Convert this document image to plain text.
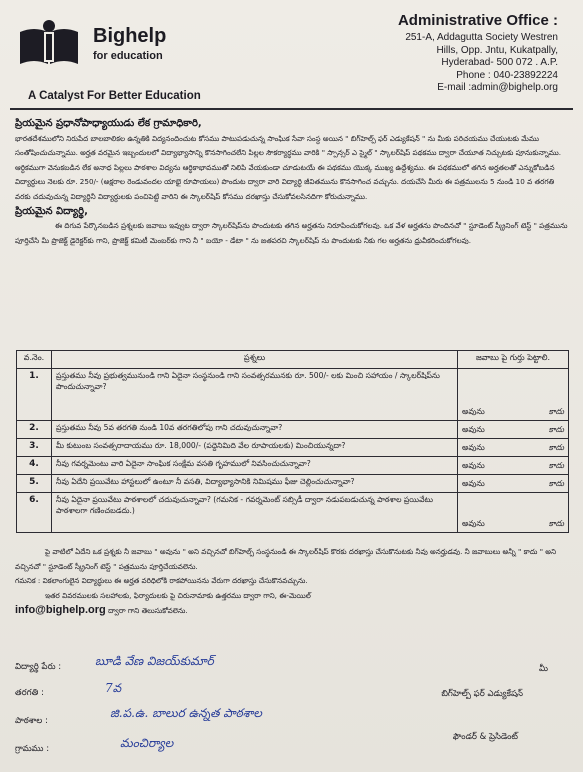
Bighelp
for education
A Catalyst For Better Education
Administrative Office :
251-A, Addagutta Society Westren
Hills, Opp. Jntu, Kukatpally,
Hyderabad- 500 072 . A.P.
Phone : 040-23892224
E-mail :admin@bighelp.org
ప్రియమైన ప్రధానోపాధ్యాయుడు లేక గ్రామాధికారి,
భారతదేశములోని నిరుపేద బాలబాలికల ఉన్నతికి విద్యనందించుట కోసము పాటుపడుచున్న సాంఘిక సేవా సంస్థ అయిన " బిగ్‌హెల్ప్ ఫర్ ఎడ్యుకేషన్ " ను మీకు పరిచయము చేయుటకు మేము సంతోషించుచున్నాము. అర్హత వరమైన ఇబ్బందులలో విద్యాభ్యాసాన్ని కొనసాగించలేని పిల్లల సౌకర్యార్థము వారికి " స్పాన్సర్ ఎ స్మైల్ " స్కాలర్‌షిప్ పథకము ద్వారా చేయూత నిచ్చుటకు పూనుకున్నాము. ఆర్థికముగా వెనుకబడిన లేక అనాధ పిల్లలు పాఠశాల విద్యను ఆర్థికాభావముతో నిలిపి వేయకుండా చూడుటయే ఈ పథకము యొక్క ముఖ్య ఉద్దేశ్యము. ఈ పథకములో తగిన అర్హతలతో ఎన్నుకోబడిన విద్యార్థులు నెలకు రూ. 250/- (అక్షరాల రెండువందల యాభై రూపాయలు) పొందుట ద్వారా వారి విద్యార్థి జీవితమును కొనసాగించ వచ్చును. దయచేసి మీరు ఈ పత్రములను 5 నుండి 10 వ తరగతి వరకు చదువుచున్న విద్యార్థినీ విద్యార్థులకు పంచిపెట్టి వారిని ఈ స్కాలర్‌షిప్ కోసము దరఖాస్తు చేసుకోవలసినదిగా కోరుచున్నాము.
ప్రియమైన విద్యార్థి,
ఈ దిగువ పేర్కొనబడిన ప్రశ్నలకు జవాబు ఇవ్వుట ద్వారా స్కాలర్‌షిప్‌ను పొందుటకు తగిన అర్హతను నిరూపించుకోగలవు. ఒక వేళ అర్హతను పొందినచో " స్టూడెంట్ స్క్రీనింగ్ టెస్ట్ " పత్రమును పూర్తిచేసి మీ ప్రొజెక్ట్ డైరెక్టర్‌కు గాని, ప్రొజెక్ట్ కమిటీ మెంబర్‌కు గాని నీ " బయో - డేటా " ను జతపరచి స్కాలర్‌షిప్ ను పొందుటకు నీకు గల అర్హతను ధ్రువీకరించుకోగలవు.
వ.నెం.	ప్రశ్నలు	జవాబు పై గుర్తు పెట్టాలి.
1.	ప్రస్తుతము నీవు ప్రభుత్వమునుండి గాని ఏదైనా సంస్థనుండి గాని సంవత్సరమునకు రూ. 500/- లకు మించి సహాయం / స్కాలర్‌షిప్‌ను పొందుచున్నావా?	అవును కాదు

2.	ప్రస్తుతము నీవు 5వ తరగతి నుండి 10వ తరగతిలోపు గాని చదువుచున్నావా?	అవును కాదు

3.	మీ కుటుంబ సంవత్సరాదాయము రూ. 18,000/- (పద్దెనిమిది వేల రూపాయలకు) మించియున్నదా?	అవును కాదు

4.	నీవు గవర్నమెంటు వారి ఏదైనా సాంఘిక సంక్షేమ వసతి గృహములో నివసించుచున్నావా?	అవును కాదు

5.	నీవు ఏదేని ప్రయివేటు హాస్టలులో ఉంటూ నీ వసతి, విద్యాభ్యాసానికి నిమిషము ఫీజు చెల్లించుచున్నావా?	అవును కాదు

6.	నీవు ఏదైనా ప్రయివేటు పాఠశాలలో చదువుచున్నావా? (గమనిక - గవర్నమెంట్ సబ్సిడీ ద్వారా నడుపబడుచున్న పాఠశాల ప్రయివేటు పాఠశాలగా గణించబడదు.)	అవును కాదు
పై వాటిలో ఏదేని ఒక ప్రశ్నకు నీ జవాబు " అవును " అని వచ్చినచో బిగ్‌హెల్ప్ సంస్థనుండి ఈ స్కాలర్‌షిప్ కొరకు దరఖాస్తు చేసుకొనుటకు నీవు అనర్హుడవు. నీ జవాబులు అన్నీ " కాదు " అని వచ్చినచో " స్టూడెంట్ స్క్రీనింగ్ టెస్ట్ " పత్రమును పూర్తిచేయవలెను.
గమనిక : వికలాంగులైన విద్యార్థులు ఈ అర్హత వరిధిలోకి రాకపోయినను వేరుగా దరఖాస్తు చేసుకొనవచ్చును.
ఇతర వివరములకు సలహాలకు, ఫిర్యాదులకు పై చిరునామాకు ఉత్తరము ద్వారా గాని, ఈ-మెయిల్
info@bighelp.org ద్వారా గాని తెలుసుకోవలెను.
విద్యార్థి పేరు :	బూడి వేణ విజయ్‌కుమార్
తరగతి :	7వ
పాఠశాల :
జి.ప.ఉ. బాలుర ఉన్నత పాఠశాల
గ్రామము :	మంచిర్యాల
మీ
బిగ్‌హెల్ప్ ఫర్ ఎడ్యుకేషన్
ఫౌండర్ & ప్రెసిడెంట్
